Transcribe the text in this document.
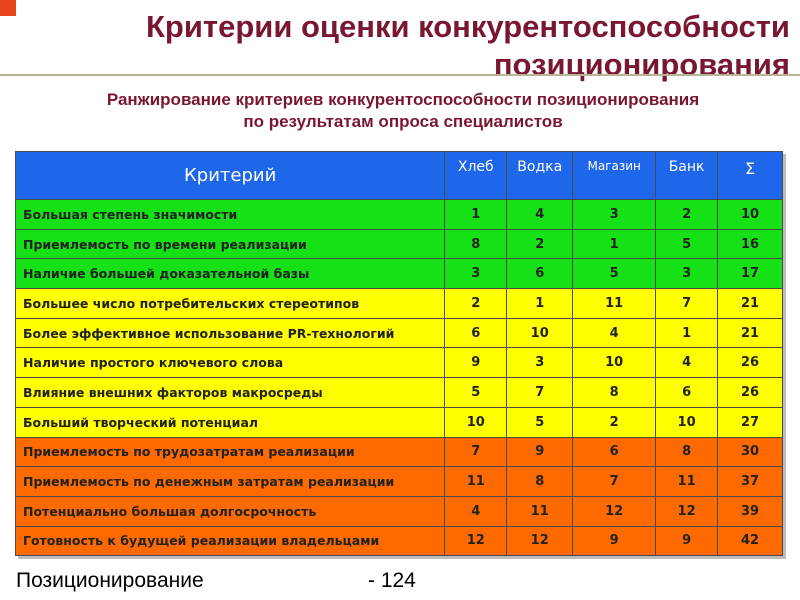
Критерии оценки конкурентоспособности позиционирования
Ранжирование критериев конкурентоспособности позиционирования
по результатам опроса специалистов
Критерий	Хлеб	Водка	Магазин	Банк	Σ
Большая степень значимости	1	4	3	2	10
Приемлемость по времени реализации	8	2	1	5	16
Наличие большей доказательной базы	3	6	5	3	17
Большее число потребительских стереотипов	2	1	11	7	21
Более эффективное использование PR-технологий	6	10	4	1	21
Наличие простого ключевого слова	9	3	10	4	26
Влияние внешних факторов макросреды	5	7	8	6	26
Больший творческий потенциал	10	5	2	10	27
Приемлемость по трудозатратам реализации	7	9	6	8	30
Приемлемость по денежным затратам реализации	11	8	7	11	37
Потенциально большая долгосрочность	4	11	12	12	39
Готовность к будущей реализации владельцами	12	12	9	9	42
Позиционирование	- 124
